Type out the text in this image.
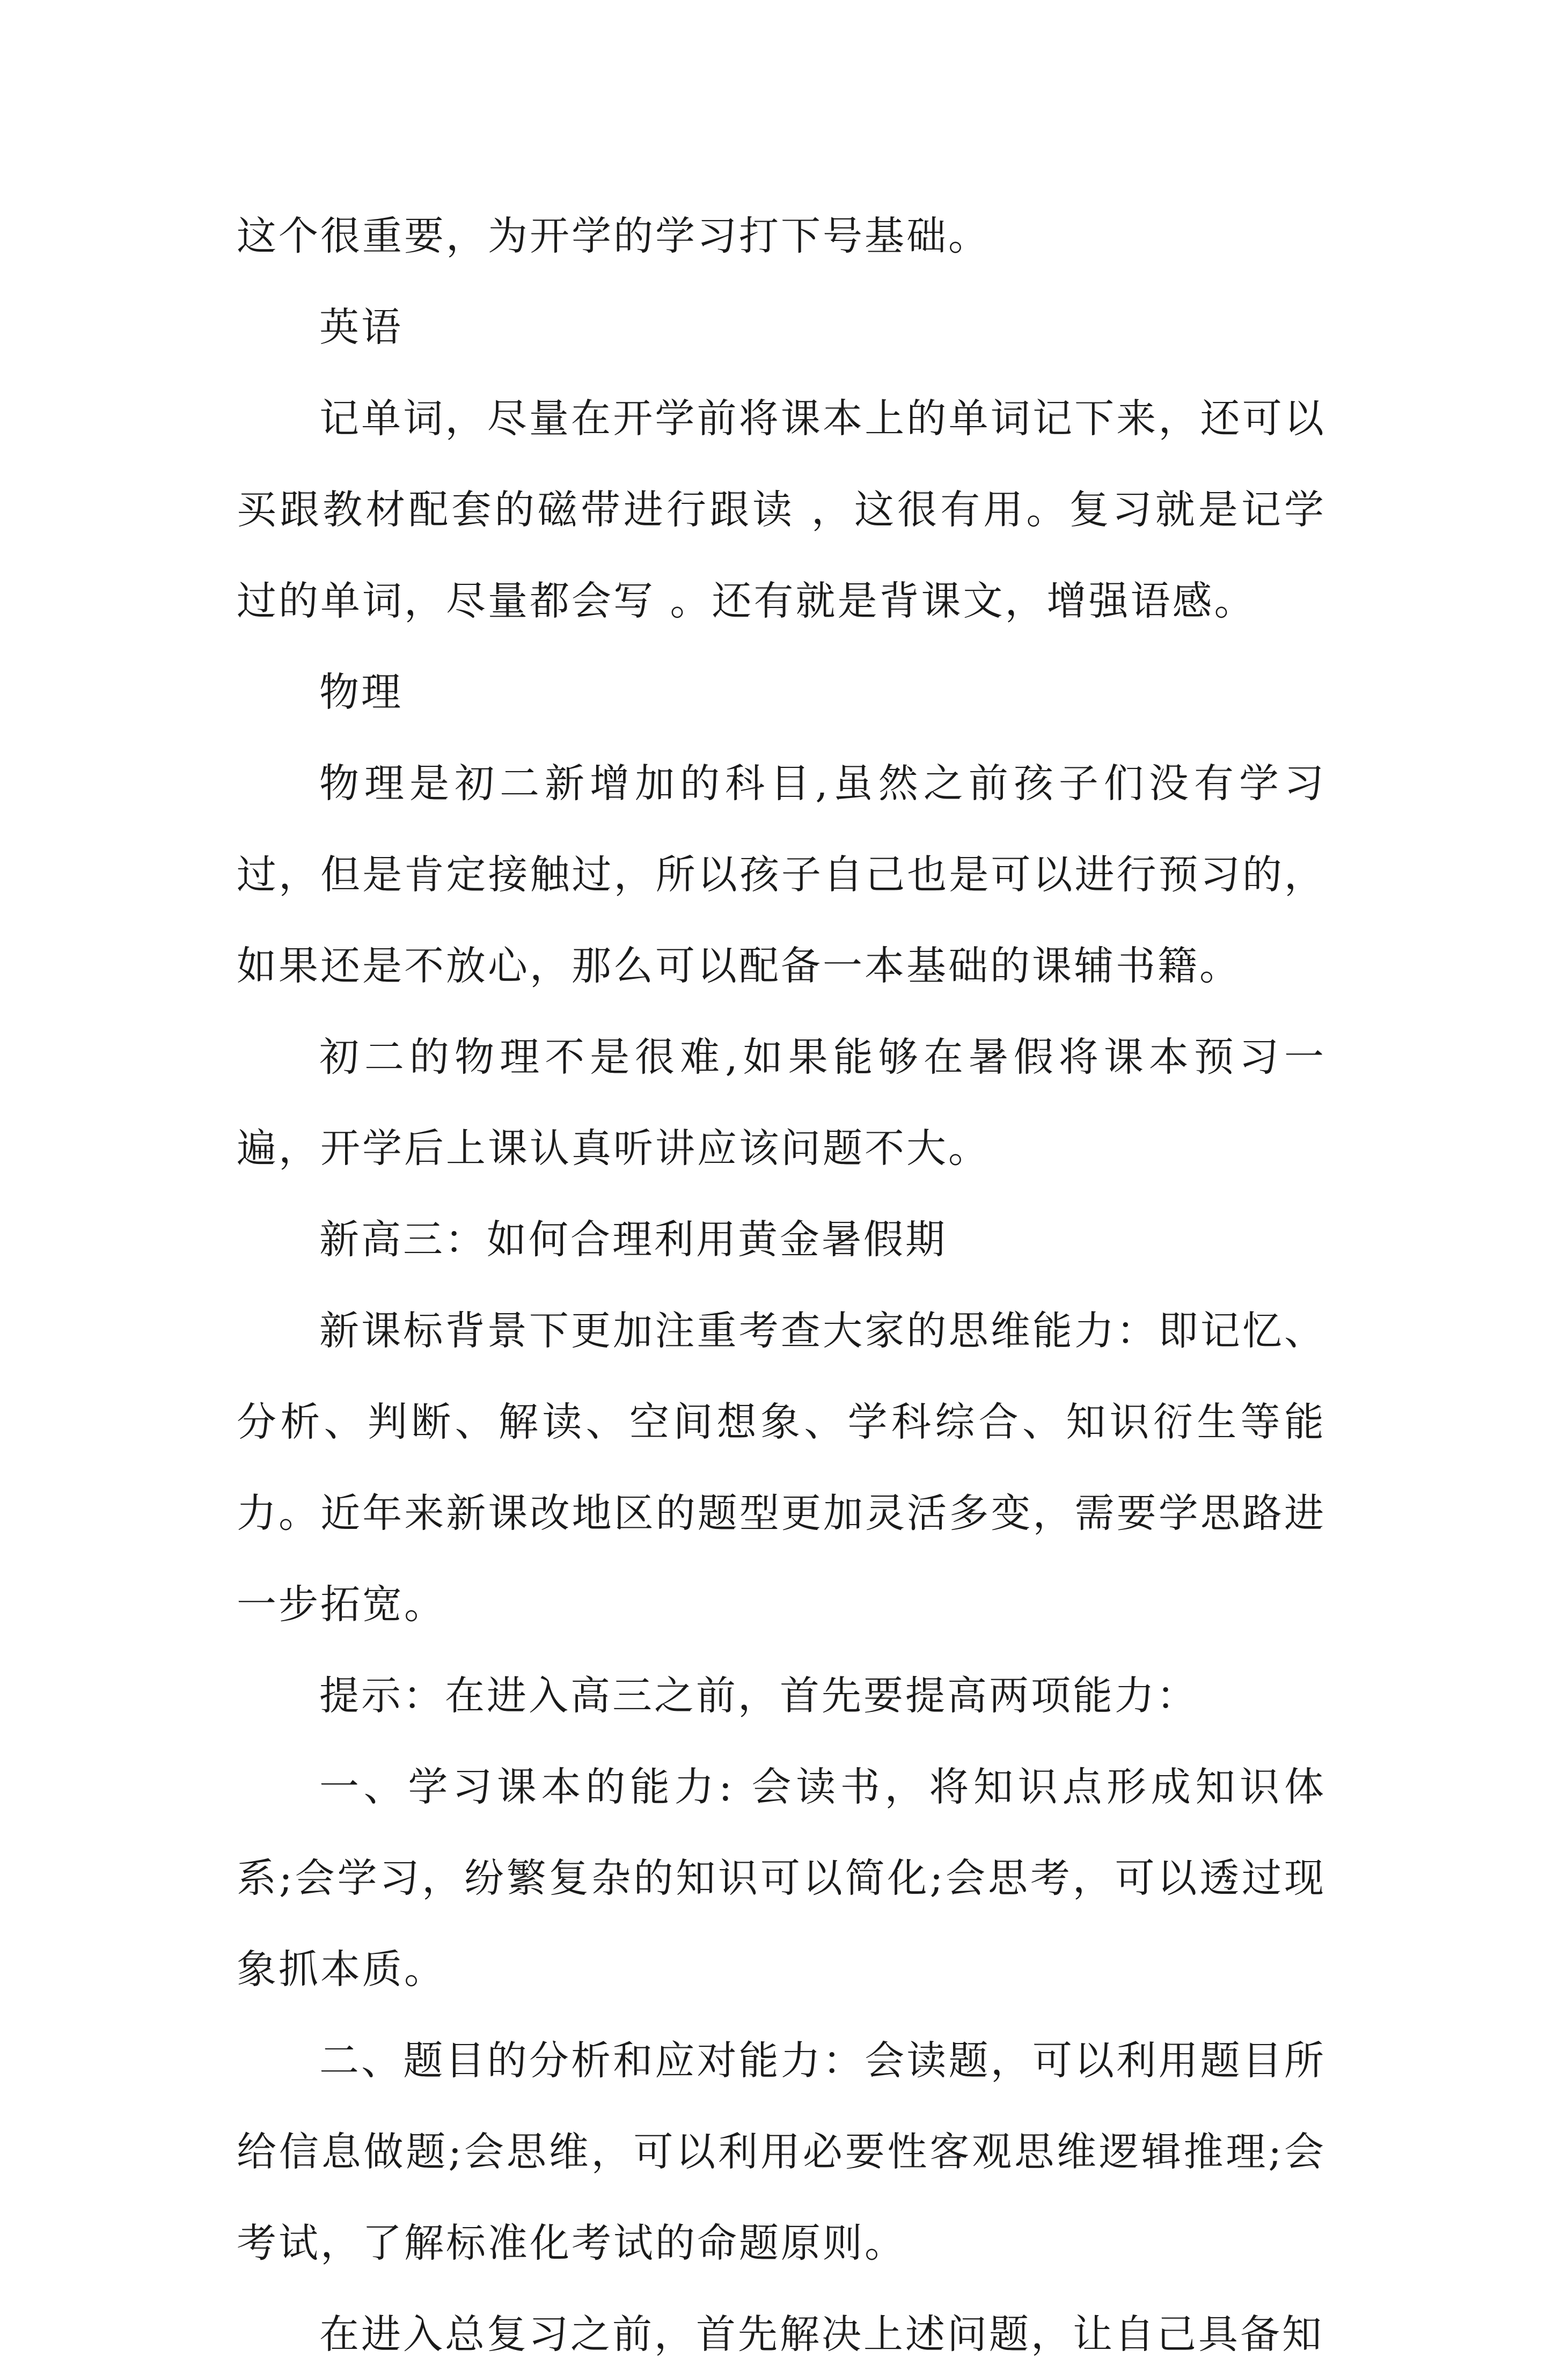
这个很重要，为开学的学习打下号基础。

英语

记单词，尽量在开学前将课本上的单词记下来，还可以买跟教材配套的磁带进行跟读 ，这很有用。复习就是记学过的单词，尽量都会写 。还有就是背课文，增强语感。

物理

物理是初二新增加的科目,虽然之前孩子们没有学习过，但是肯定接触过，所以孩子自己也是可以进行预习的，如果还是不放心，那么可以配备一本基础的课辅书籍。

初二的物理不是很难,如果能够在暑假将课本预习一遍，开学后上课认真听讲应该问题不大。

新高三：如何合理利用黄金暑假期

新课标背景下更加注重考查大家的思维能力：即记忆、分析、判断、解读、空间想象、学科综合、知识衍生等能力。近年来新课改地区的题型更加灵活多变，需要学思路进一步拓宽。

提示：在进入高三之前，首先要提高两项能力：

一、学习课本的能力: 会读书，将知识点形成知识体系;会学习，纷繁复杂的知识可以简化;会思考，可以透过现象抓本质。

二、题目的分析和应对能力：会读题，可以利用题目所给信息做题;会思维，可以利用必要性客观思维逻辑推理;会考试，了解标准化考试的命题原则。

在进入总复习之前，首先解决上述问题，让自己具备知
